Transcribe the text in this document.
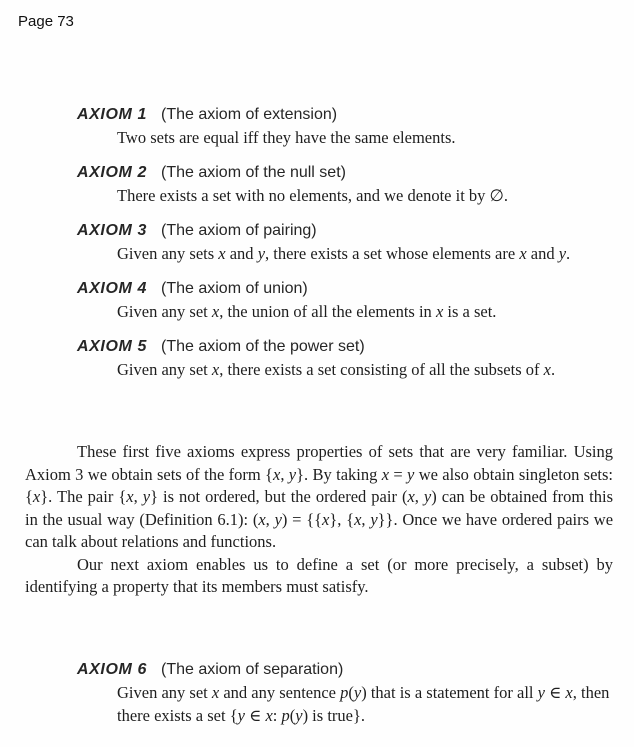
Page 73
AXIOM 1 (The axiom of extension)
Two sets are equal iff they have the same elements.
AXIOM 2 (The axiom of the null set)
There exists a set with no elements, and we denote it by ∅.
AXIOM 3 (The axiom of pairing)
Given any sets x and y, there exists a set whose elements are x and y.
AXIOM 4 (The axiom of union)
Given any set x, the union of all the elements in x is a set.
AXIOM 5 (The axiom of the power set)
Given any set x, there exists a set consisting of all the subsets of x.

These first five axioms express properties of sets that are very familiar. Using Axiom 3 we obtain sets of the form {x, y}. By taking x = y we also obtain singleton sets: {x}. The pair {x, y} is not ordered, but the ordered pair (x, y) can be obtained from this in the usual way (Definition 6.1): (x, y) = {{x}, {x, y}}. Once we have ordered pairs we can talk about relations and functions.

Our next axiom enables us to define a set (or more precisely, a subset) by identifying a property that its members must satisfy.

AXIOM 6 (The axiom of separation)
Given any set x and any sentence p(y) that is a statement for all y ∈ x, then there exists a set {y ∈ x: p(y) is true}.
